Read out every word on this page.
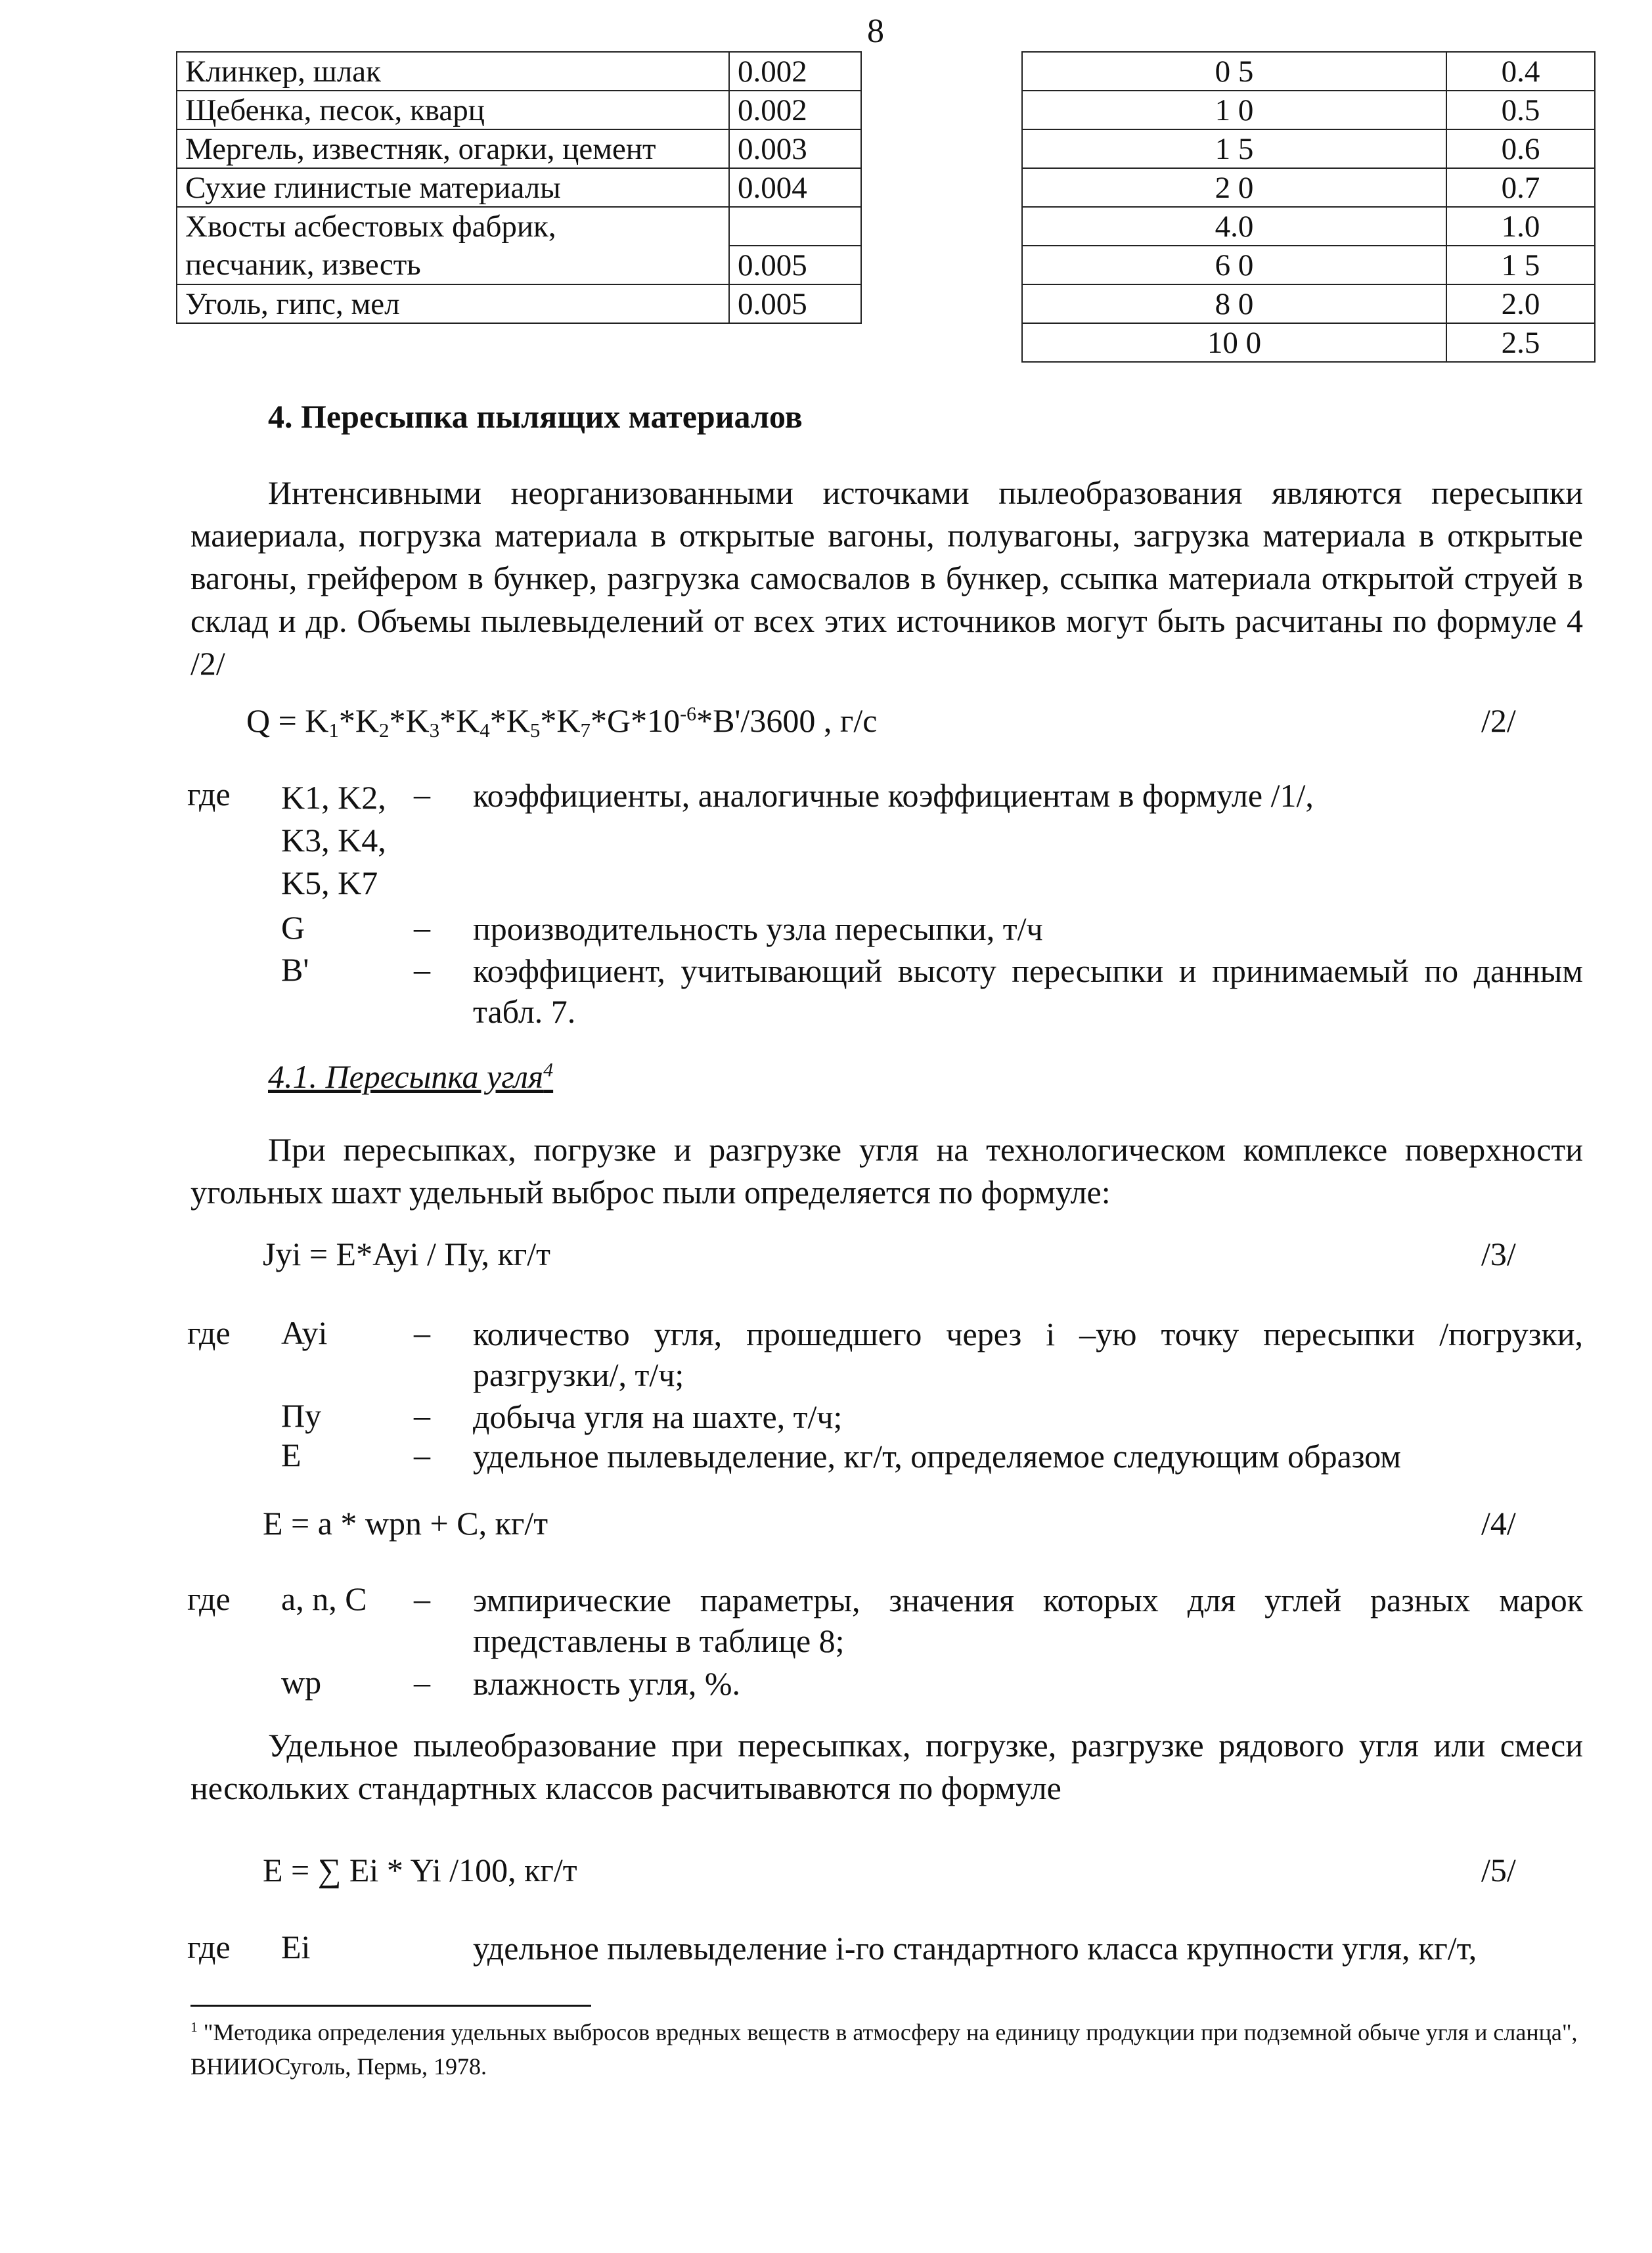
8
Клинкер, шлак	0.002
Щебенка, песок, кварц	0.002
Мергель, известняк, огарки, цемент	0.003
Сухие глинистые материалы	0.004
Хвосты асбестовых фабрик,	
песчаник, известь	0.005
Уголь, гипс, мел	0.005
0 5	0.4
1 0	0.5
1 5	0.6
2 0	0.7
4.0	1.0
6 0	1 5
8 0	2.0
10 0	2.5
4. Пересыпка пылящих материалов
Интенсивными неорганизованными источками пылеобразования являются пересыпки маиериала, погрузка материала в открытые вагоны, полувагоны, загрузка материала в открытые вагоны, грейфером в бункер, разгрузка самосвалов в бункер, ссыпка материала открытой струей в склад и др. Объемы пылевыделений от всех этих источников могут быть расчитаны по формуле 4 /2/
$Q = K_1*K_2*K_3*K_4*K_5*K_7*G*10^{-6}*B'/3600$ , г/с	/2/
где K1, K2,
K3, K4,
K5, K7
– коэффициенты, аналогичные коэффициентам в формуле /1/,
G	– производительность узла пересыпки, т/ч
B'	– коэффициент, учитывающий высоту пересыпки и принимаемый по данным табл. 7.
4.1. Пересыпка угля$^4$
При пересыпках, погрузке и разгрузке угля на технологическом комплексе поверхности угольных шахт удельный выброс пыли определяется по формуле:
Jyi = E*Ayi / Пу, кг/т	/3/
где Ayi	– количество угля, прошедшего через i –ую точку пересыпки /погрузки, разгрузки/, т/ч;
Пу	– добыча угля на шахте, т/ч;
E	– удельное пылевыделение, кг/т, определяемое следующим образом
E = a * wpn + C, кг/т	/4/
где a, n, C – эмпирические параметры, значения которых для углей разных марок представлены в таблице 8;
wp	– влажность угля, %.
Удельное пылеобразование при пересыпках, погрузке, разгрузке рядового угля или смеси нескольких стандартных классов расчитывавются по формуле
E = ∑ Ei * Yi /100, кг/т	/5/
где Ei	удельное пылевыделение i-го стандартного класса крупности угля, кг/т,
$^1$ "Методика определения удельных выбросов вредных веществ в атмосферу на единицу продукции при подземной обыче угля и сланца", ВНИИОСуголь, Пермь, 1978.
